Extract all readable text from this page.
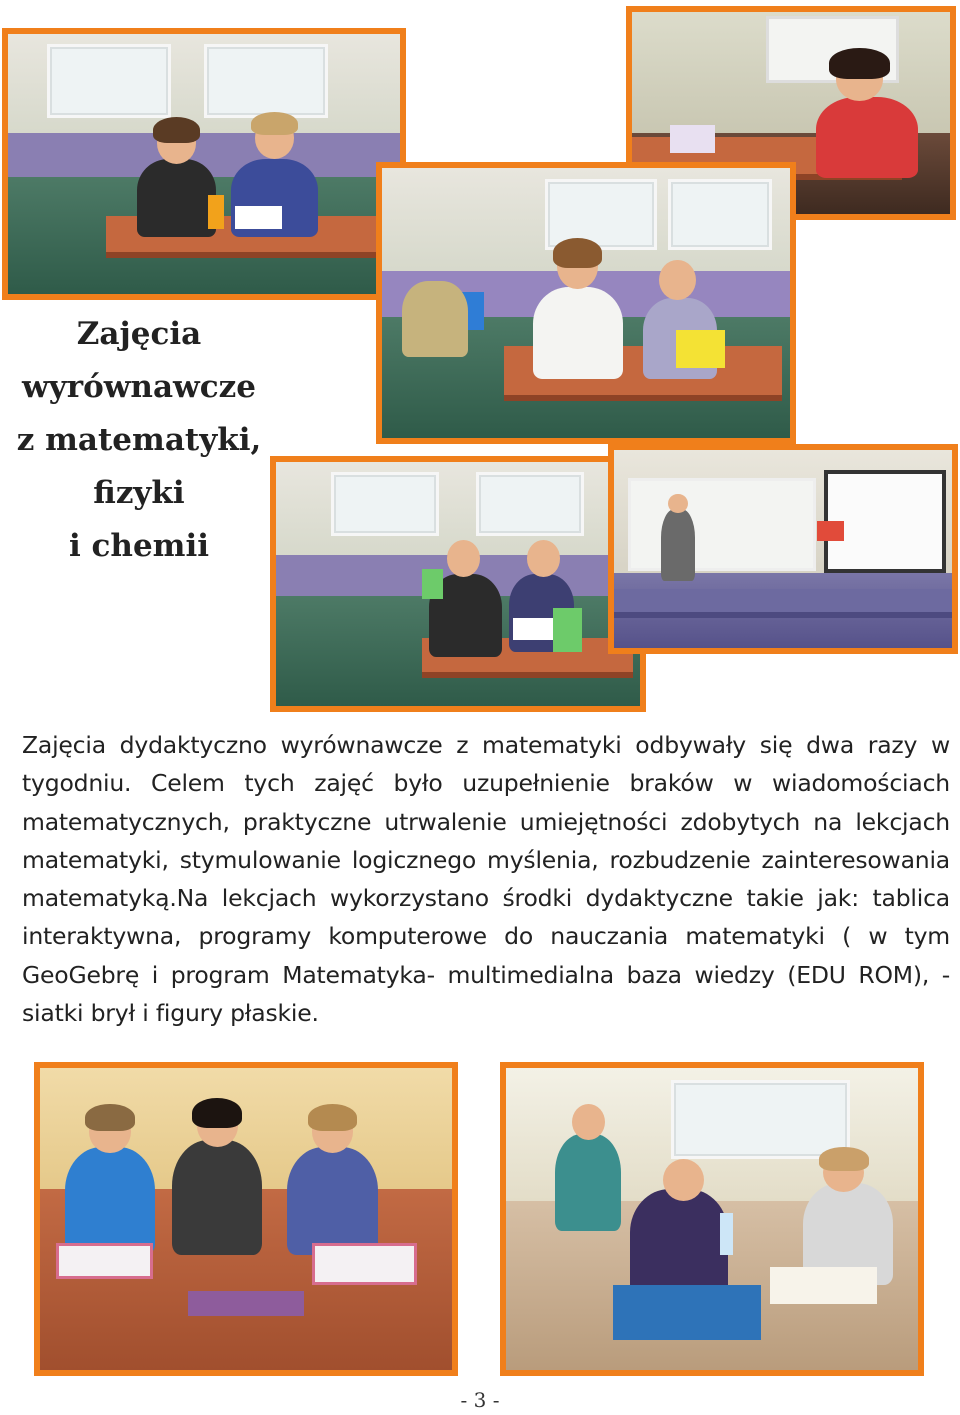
Zajęcia
wyrównawcze
z matematyki,
fizyki
i chemii
Zajęcia dydaktyczno wyrównawcze z matematyki odbywały się dwa razy w tygodniu. Celem tych zajęć było uzupełnienie braków w wiadomościach matematycznych, praktyczne utrwalenie umiejętności zdobytych na lekcjach matematyki, stymulowanie logicznego myślenia, rozbudzenie zainteresowania matematyką.Na lekcjach wykorzystano środki dydaktyczne takie jak: tablica interaktywna, programy komputerowe do nauczania matematyki ( w tym GeoGebrę i program Matematyka- multimedialna baza wiedzy (EDU ROM), - siatki brył i figury płaskie.
- 3 -
